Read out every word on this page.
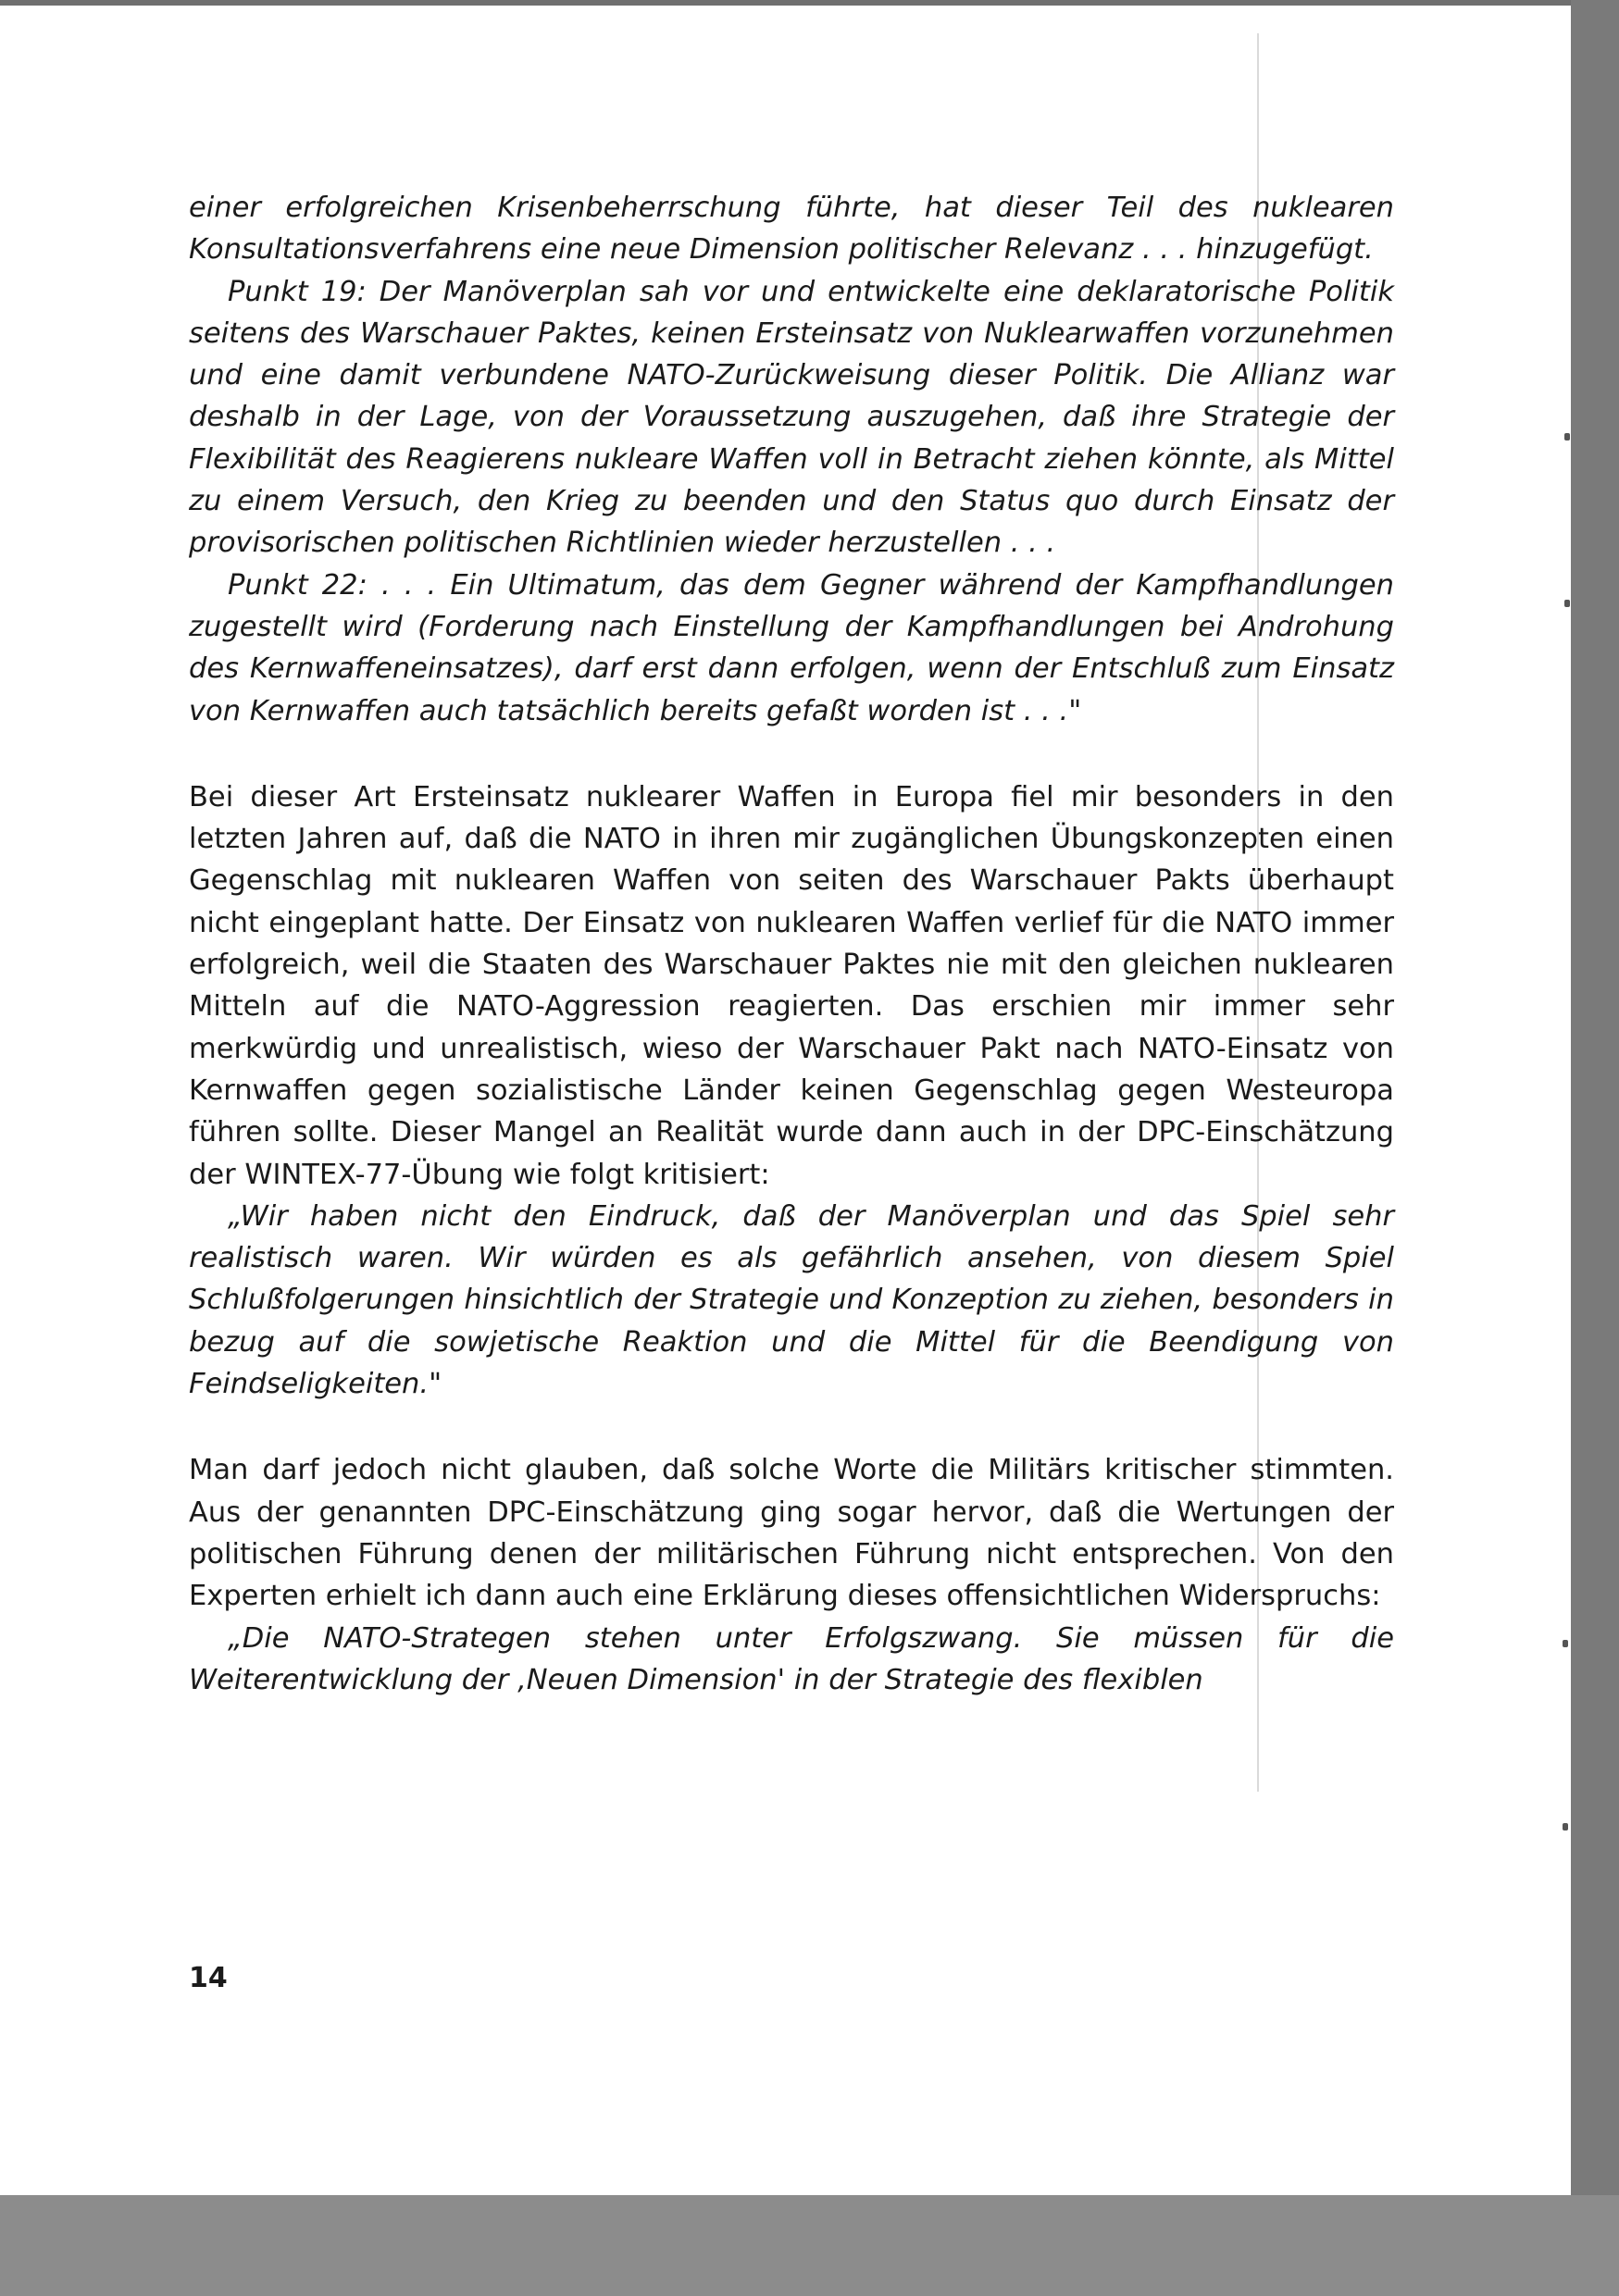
einer erfolgreichen Krisenbeherrschung führte, hat dieser Teil des nuklearen Konsultationsverfahrens eine neue Dimension politischer Relevanz . . . hinzugefügt.

Punkt 19: Der Manöverplan sah vor und entwickelte eine deklaratorische Politik seitens des Warschauer Paktes, keinen Ersteinsatz von Nuklearwaffen vorzunehmen und eine damit verbundene NATO-Zurückweisung dieser Politik. Die Allianz war deshalb in der Lage, von der Voraussetzung auszugehen, daß ihre Strategie der Flexibilität des Reagierens nukleare Waffen voll in Betracht ziehen könnte, als Mittel zu einem Versuch, den Krieg zu beenden und den Status quo durch Einsatz der provisorischen politischen Richtlinien wieder herzustellen . . .

Punkt 22: . . . Ein Ultimatum, das dem Gegner während der Kampfhandlungen zugestellt wird (Forderung nach Einstellung der Kampfhandlungen bei Androhung des Kernwaffeneinsatzes), darf erst dann erfolgen, wenn der Entschluß zum Einsatz von Kernwaffen auch tatsächlich bereits gefaßt worden ist . . ."

Bei dieser Art Ersteinsatz nuklearer Waffen in Europa fiel mir besonders in den letzten Jahren auf, daß die NATO in ihren mir zugänglichen Übungskonzepten einen Gegenschlag mit nuklearen Waffen von seiten des Warschauer Pakts überhaupt nicht eingeplant hatte. Der Einsatz von nuklearen Waffen verlief für die NATO immer erfolgreich, weil die Staaten des Warschauer Paktes nie mit den gleichen nuklearen Mitteln auf die NATO-Aggression reagierten. Das erschien mir immer sehr merkwürdig und unrealistisch, wieso der Warschauer Pakt nach NATO-Einsatz von Kernwaffen gegen sozialistische Länder keinen Gegenschlag gegen Westeuropa führen sollte. Dieser Mangel an Realität wurde dann auch in der DPC-Einschätzung der WINTEX-77-Übung wie folgt kritisiert:

„Wir haben nicht den Eindruck, daß der Manöverplan und das Spiel sehr realistisch waren. Wir würden es als gefährlich ansehen, von diesem Spiel Schlußfolgerungen hinsichtlich der Strategie und Konzeption zu ziehen, besonders in bezug auf die sowjetische Reaktion und die Mittel für die Beendigung von Feindseligkeiten."

Man darf jedoch nicht glauben, daß solche Worte die Militärs kritischer stimmten. Aus der genannten DPC-Einschätzung ging sogar hervor, daß die Wertungen der politischen Führung denen der militärischen Führung nicht entsprechen. Von den Experten erhielt ich dann auch eine Erklärung dieses offensichtlichen Widerspruchs:

„Die NATO-Strategen stehen unter Erfolgszwang. Sie müssen für die Weiterentwicklung der ‚Neuen Dimension' in der Strategie des flexiblen

14
